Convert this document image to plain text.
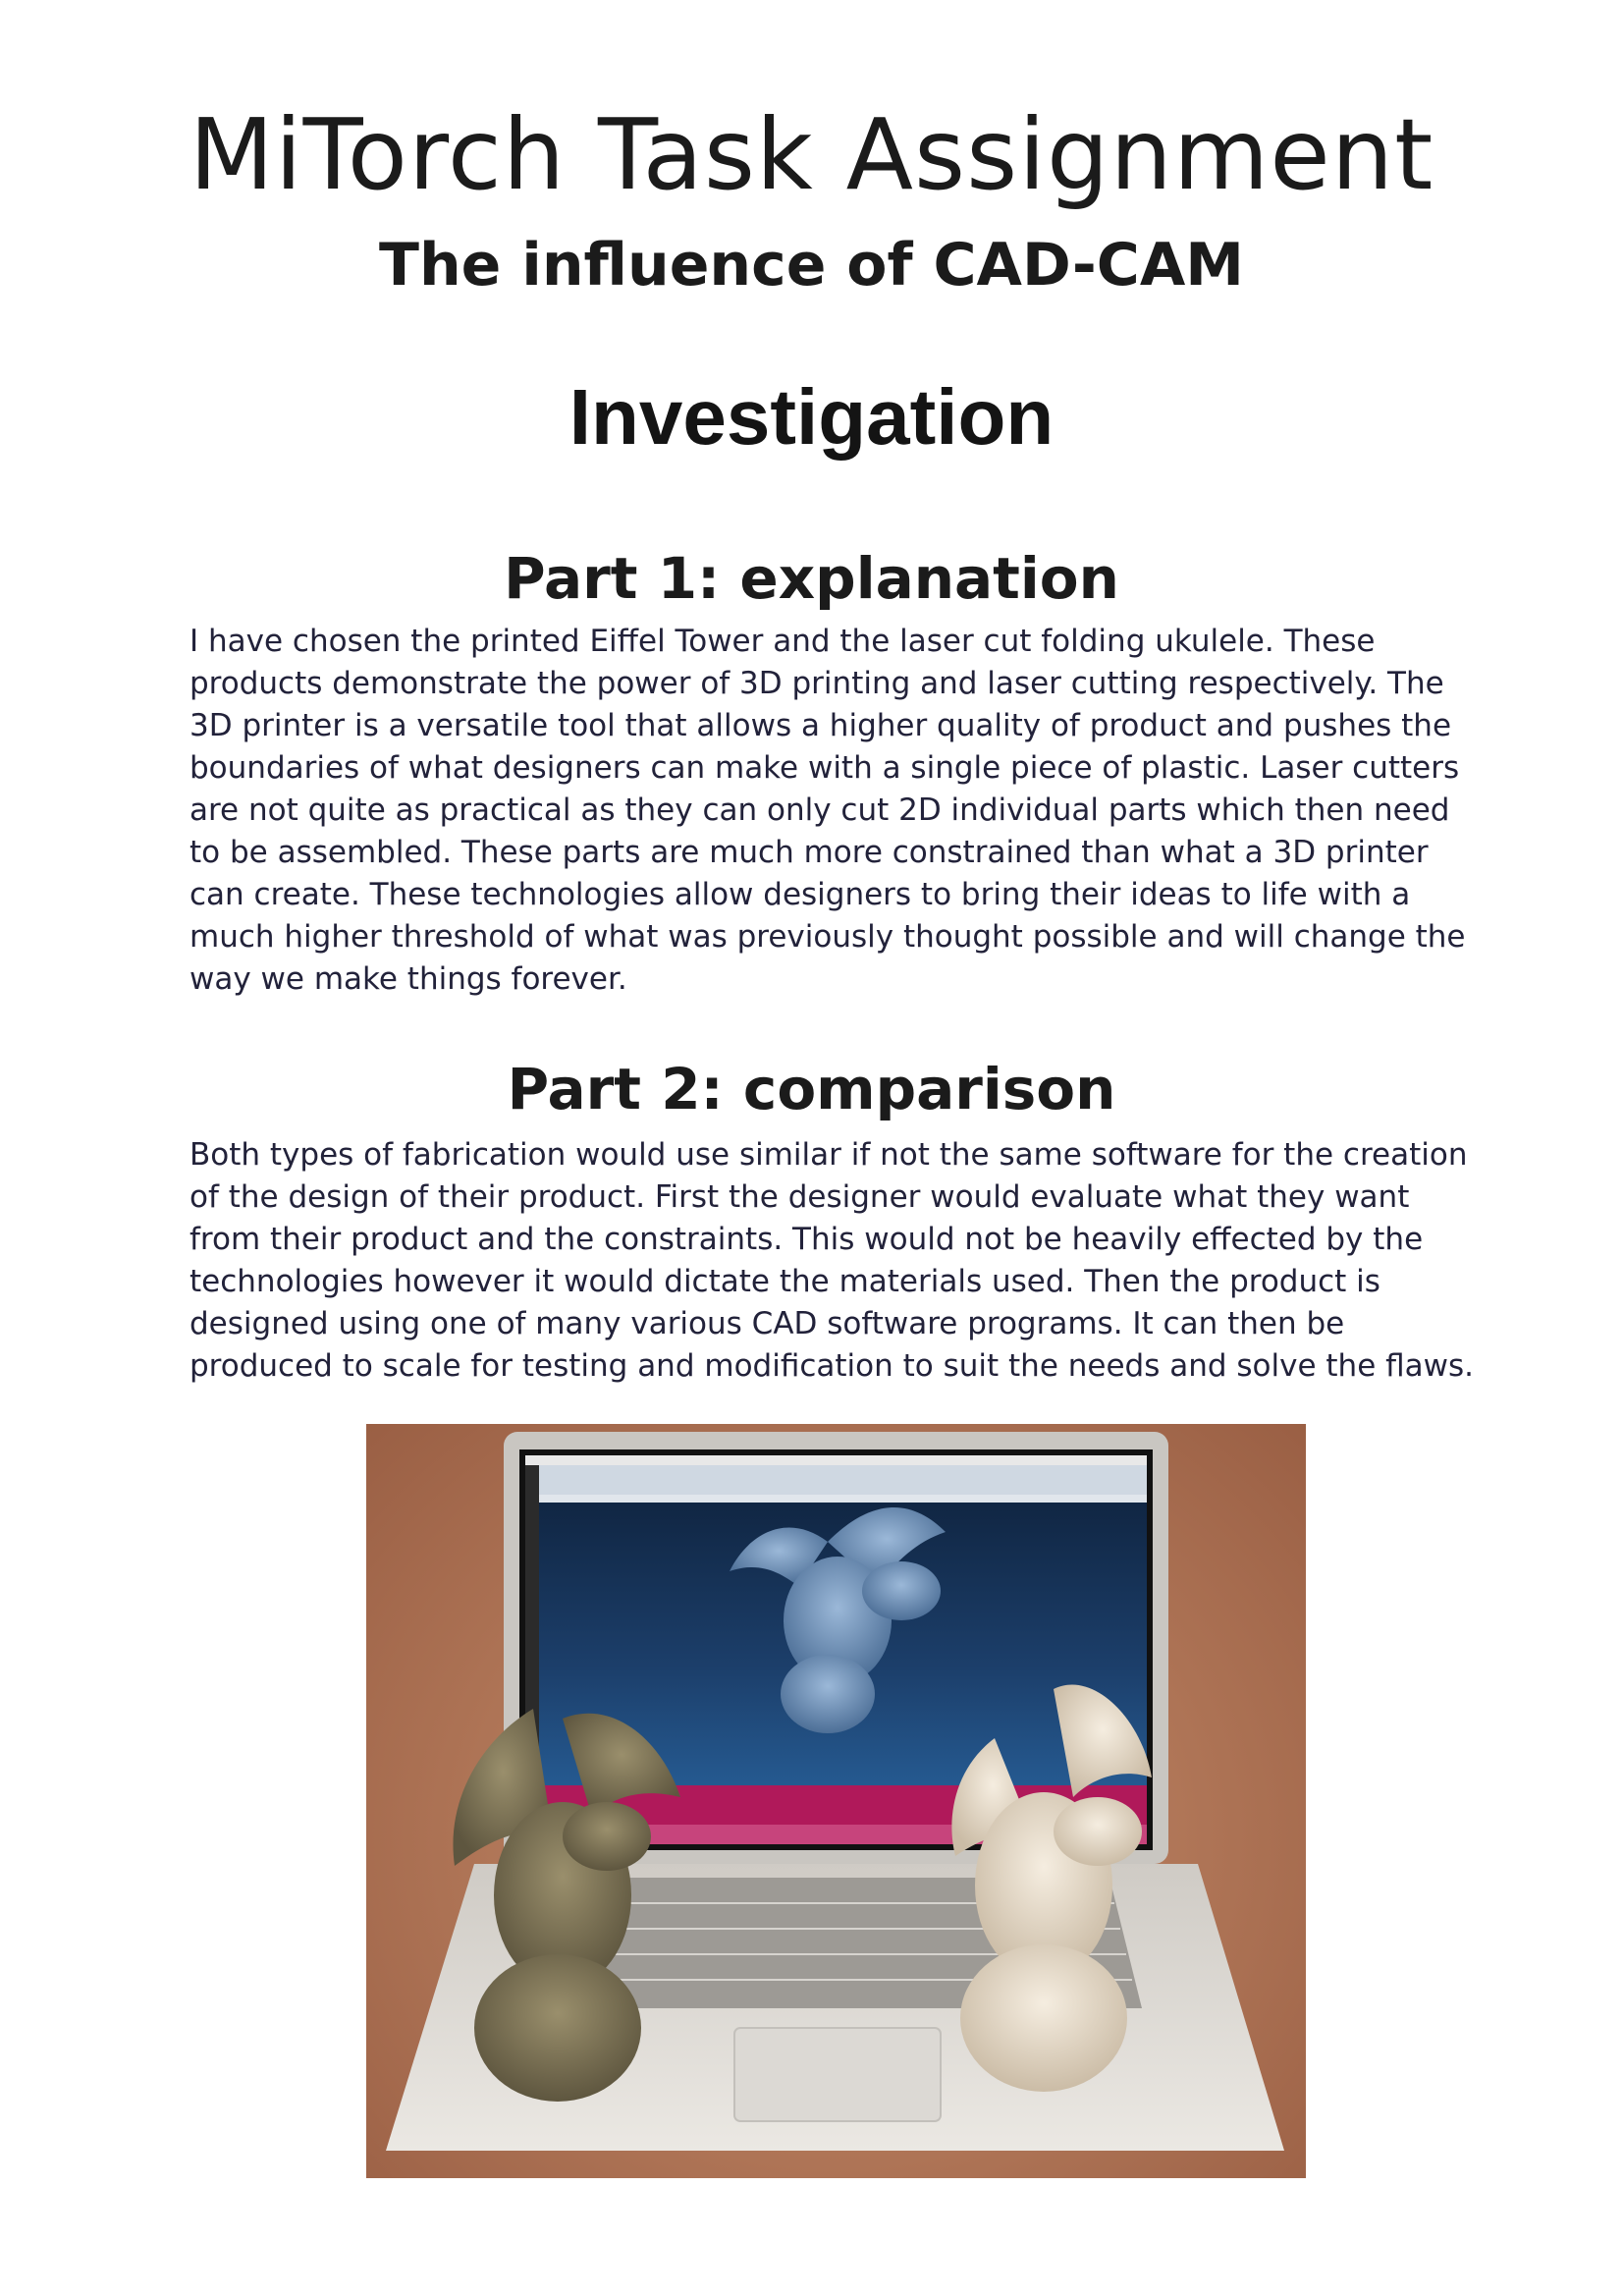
MiTorch Task Assignment
The influence of CAD-CAM
Investigation
Part 1: explanation

I have chosen the printed Eiffel Tower and the laser cut folding ukulele. These products demonstrate the power of 3D printing and laser cutting respectively. The 3D printer is a versatile tool that allows a higher quality of product and pushes the boundaries of what designers can make with a single piece of plastic. Laser cutters are not quite as practical as they can only cut 2D individual parts which then need to be assembled. These parts are much more constrained than what a 3D printer can create. These technologies allow designers to bring their ideas to life with a much higher threshold of what was previously thought possible and will change the way we make things forever.

Part 2: comparison

Both types of fabrication would use similar if not the same software for the creation of the design of their product. First the designer would evaluate what they want from their product and the constraints. This would not be heavily effected by the technologies however it would dictate the materials used. Then the product is designed using one of many various CAD software programs. It can then be produced to scale for testing and modification to suit the needs and solve the flaws.
